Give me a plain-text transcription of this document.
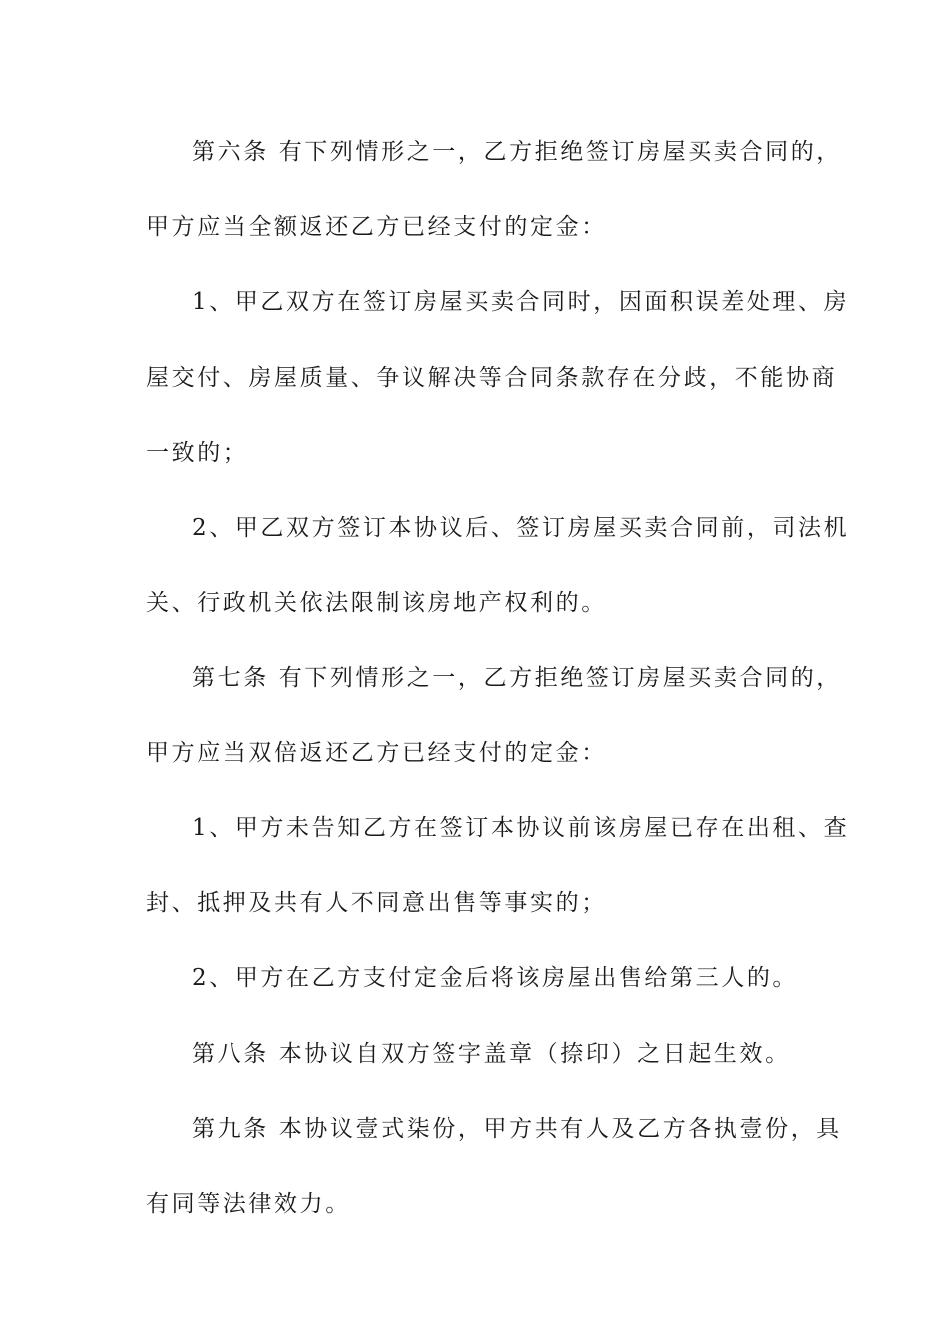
第六条 有下列情形之一，乙方拒绝签订房屋买卖合同的，
甲方应当全额返还乙方已经支付的定金：
1、甲乙双方在签订房屋买卖合同时，因面积误差处理、房
屋交付、房屋质量、争议解决等合同条款存在分歧，不能协商
一致的；
2、甲乙双方签订本协议后、签订房屋买卖合同前，司法机
关、行政机关依法限制该房地产权利的。
第七条 有下列情形之一，乙方拒绝签订房屋买卖合同的，
甲方应当双倍返还乙方已经支付的定金：
1、甲方未告知乙方在签订本协议前该房屋已存在出租、查
封、抵押及共有人不同意出售等事实的；
2、甲方在乙方支付定金后将该房屋出售给第三人的。
第八条 本协议自双方签字盖章（捺印）之日起生效。
第九条 本协议壹式柒份，甲方共有人及乙方各执壹份，具
有同等法律效力。
